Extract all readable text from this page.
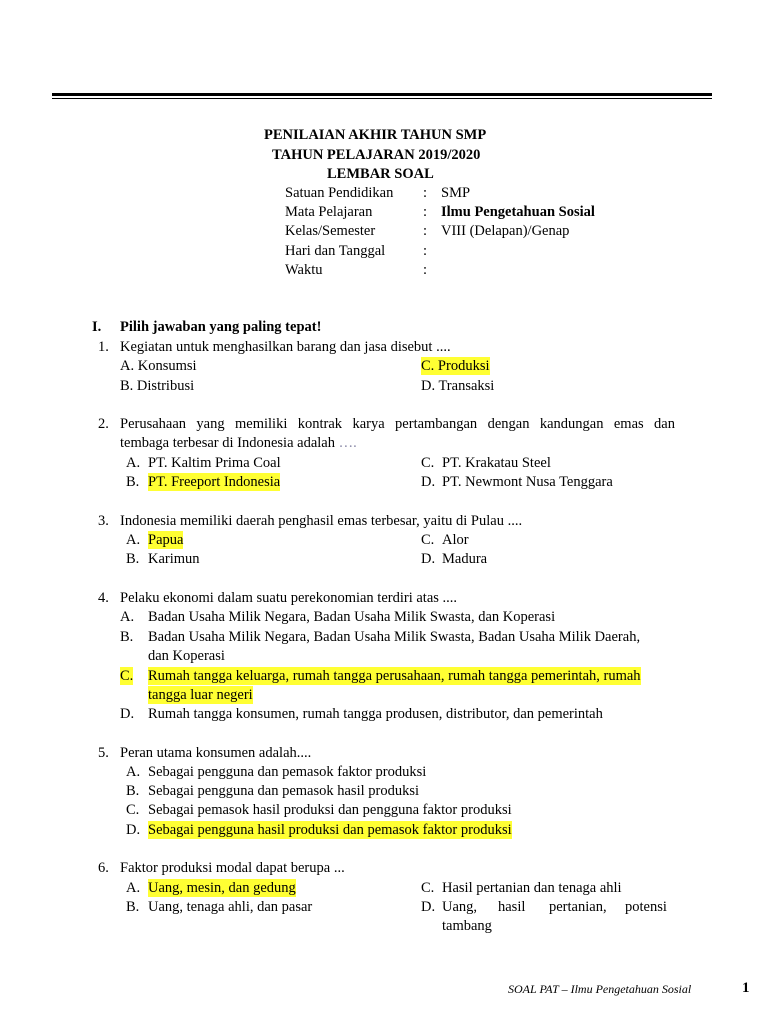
PENILAIAN AKHIR TAHUN SMP
TAHUN PELAJARAN 2019/2020
LEMBAR SOAL
Satuan Pendidikan : SMP
Mata Pelajaran	: Ilmu Pengetahuan Sosial
Kelas/Semester	: VIII (Delapan)/Genap
Hari dan Tanggal	:
Waktu	:
I. Pilih jawaban yang paling tepat!
1. Kegiatan untuk menghasilkan barang dan jasa disebut ....
A. Konsumsi	C. Produksi
B. Distribusi	D. Transaksi
2. Perusahaan yang memiliki kontrak karya pertambangan dengan kandungan emas dan
tembaga terbesar di Indonesia adalah ….
A. PT. Kaltim Prima Coal	C. PT. Krakatau Steel
B. PT. Freeport Indonesia	D. PT. Newmont Nusa Tenggara
3. Indonesia memiliki daerah penghasil emas terbesar, yaitu di Pulau ....
A. Papua	C. Alor
B. Karimun	D. Madura
4. Pelaku ekonomi dalam suatu perekonomian terdiri atas ....
A. Badan Usaha Milik Negara, Badan Usaha Milik Swasta, dan Koperasi
B. Badan Usaha Milik Negara, Badan Usaha Milik Swasta, Badan Usaha Milik Daerah,
dan Koperasi
C. Rumah tangga keluarga, rumah tangga perusahaan, rumah tangga pemerintah, rumah
tangga luar negeri
D. Rumah tangga konsumen, rumah tangga produsen, distributor, dan pemerintah
5. Peran utama konsumen adalah....
A. Sebagai pengguna dan pemasok faktor produksi
B. Sebagai pengguna dan pemasok hasil produksi
C. Sebagai pemasok hasil produksi dan pengguna faktor produksi
D. Sebagai pengguna hasil produksi dan pemasok faktor produksi
6. Faktor produksi modal dapat berupa ...
A. Uang, mesin, dan gedung	C. Hasil pertanian dan tenaga ahli
B. Uang, tenaga ahli, dan pasar	D. Uang, hasil pertanian, potensi
tambang
SOAL PAT – Ilmu Pengetahuan Sosial	1
